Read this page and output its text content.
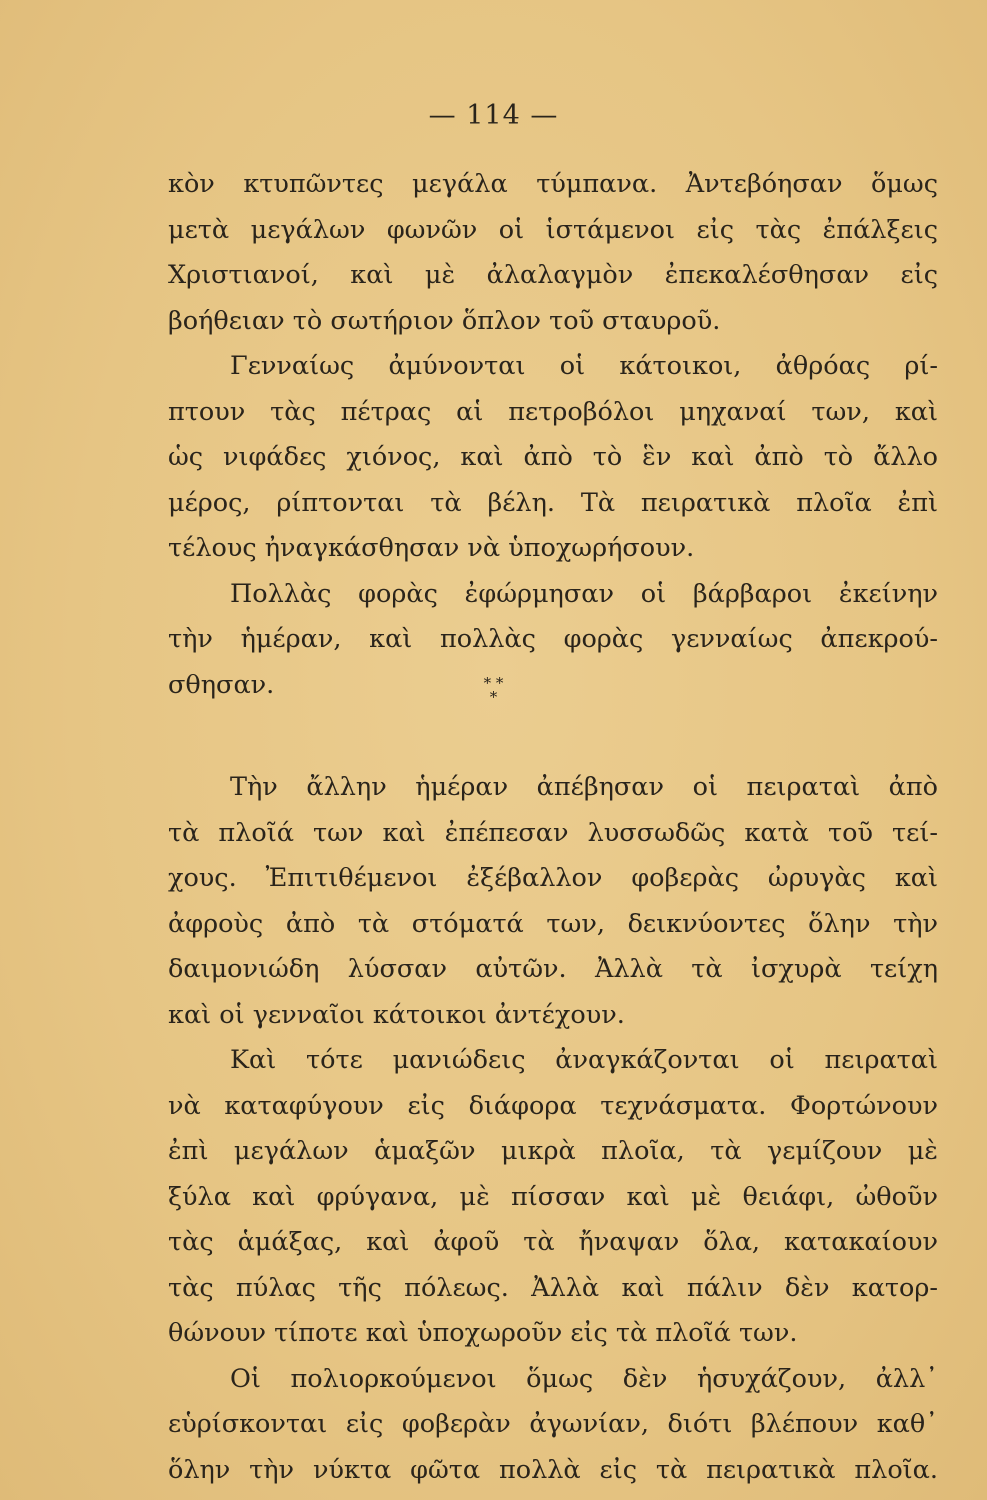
— 114 —
κὸν κτυπῶντες μεγάλα τύμπανα. Ἀντεβόησαν ὅμως
μετὰ μεγάλων φωνῶν οἱ ἱστάμενοι εἰς τὰς ἐπάλξεις
Χριστιανοί, καὶ μὲ ἀλαλαγμὸν ἐπεκαλέσθησαν εἰς
βοήθειαν τὸ σωτήριον ὅπλον τοῦ σταυροῦ.
Γενναίως ἀμύνονται οἱ κάτοικοι, ἀθρόας ρί-
πτουν τὰς πέτρας αἱ πετροβόλοι μηχαναί των, καὶ
ὡς νιφάδες χιόνος, καὶ ἀπὸ τὸ ἓν καὶ ἀπὸ τὸ ἄλλο
μέρος, ρίπτονται τὰ βέλη. Τὰ πειρατικὰ πλοῖα ἐπὶ
τέλους ἠναγκάσθησαν νὰ ὑποχωρήσουν.
Πολλὰς φορὰς ἐφώρμησαν οἱ βάρβαροι ἐκείνην
τὴν ἡμέραν, καὶ πολλὰς φορὰς γενναίως ἀπεκρού-
σθησαν.	* *
*
Τὴν ἄλλην ἡμέραν ἀπέβησαν οἱ πειραταὶ ἀπὸ
τὰ πλοῖά των καὶ ἐπέπεσαν λυσσωδῶς κατὰ τοῦ τεί-
χους. Ἐπιτιθέμενοι ἐξέβαλλον φοβερὰς ὠρυγὰς καὶ
ἀφροὺς ἀπὸ τὰ στόματά των, δεικνύοντες ὅλην τὴν
δαιμονιώδη λύσσαν αὐτῶν. Ἀλλὰ τὰ ἰσχυρὰ τείχη
καὶ οἱ γενναῖοι κάτοικοι ἀντέχουν.
Καὶ τότε μανιώδεις ἀναγκάζονται οἱ πειραταὶ
νὰ καταφύγουν εἰς διάφορα τεχνάσματα. Φορτώνουν
ἐπὶ μεγάλων ἁμαξῶν μικρὰ πλοῖα, τὰ γεμίζουν μὲ
ξύλα καὶ φρύγανα, μὲ πίσσαν καὶ μὲ θειάφι, ὠθοῦν
τὰς ἁμάξας, καὶ ἀφοῦ τὰ ἤναψαν ὅλα, κατακαίουν
τὰς πύλας τῆς πόλεως. Ἀλλὰ καὶ πάλιν δὲν κατορ-
θώνουν τίποτε καὶ ὑποχωροῦν εἰς τὰ πλοῖά των.
Οἱ πολιορκούμενοι ὅμως δὲν ἡσυχάζουν, ἀλλ᾽
εὑρίσκονται εἰς φοβερὰν ἀγωνίαν, διότι βλέπουν καθ᾽
ὅλην τὴν νύκτα φῶτα πολλὰ εἰς τὰ πειρατικὰ πλοῖα.
